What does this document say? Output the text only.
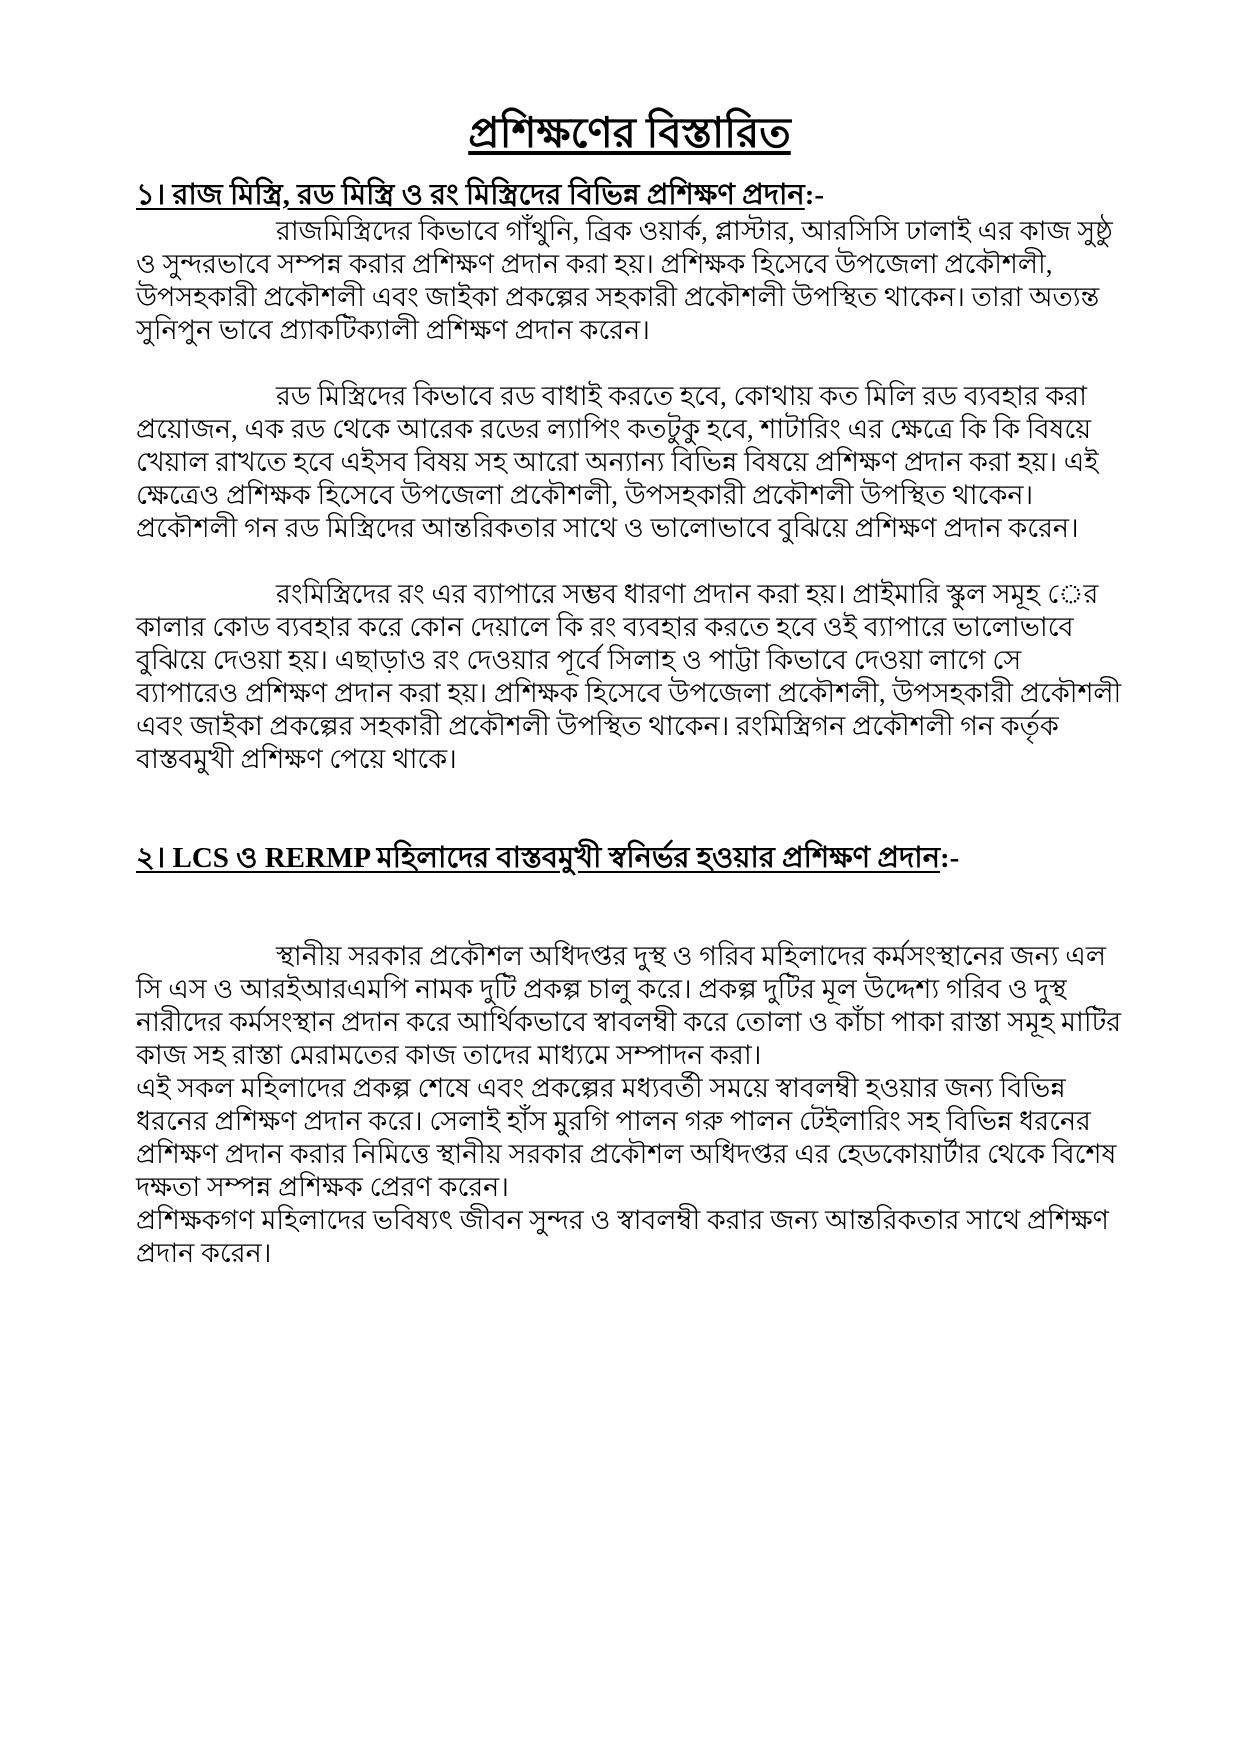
প্রশিক্ষণের বিস্তারিত
১। রাজ মিস্ত্রি, রড মিস্ত্রি ও রং মিস্ত্রিদের বিভিন্ন প্রশিক্ষণ প্রদান:-

রাজমিস্ত্রিদের কিভাবে গাঁথুনি, ব্রিক ওয়ার্ক, প্লাস্টার, আরসিসি ঢালাই এর কাজ সুষ্ঠু ও সুন্দরভাবে সম্পন্ন করার প্রশিক্ষণ প্রদান করা হয়। প্রশিক্ষক হিসেবে উপজেলা প্রকৌশলী, উপসহকারী প্রকৌশলী এবং জাইকা প্রকল্পের সহকারী প্রকৌশলী উপস্থিত থাকেন। তারা অত্যন্ত সুনিপুন ভাবে প্র্যাকটিক্যালী প্রশিক্ষণ প্রদান করেন।

রড মিস্ত্রিদের কিভাবে রড বাধাই করতে হবে, কোথায় কত মিলি রড ব্যবহার করা প্রয়োজন, এক রড থেকে আরেক রডের ল্যাপিং কতটুকু হবে, শাটারিং এর ক্ষেত্রে কি কি বিষয়ে খেয়াল রাখতে হবে এইসব বিষয় সহ আরো অন্যান্য বিভিন্ন বিষয়ে প্রশিক্ষণ প্রদান করা হয়। এই ক্ষেত্রেও প্রশিক্ষক হিসেবে উপজেলা প্রকৌশলী, উপসহকারী প্রকৌশলী উপস্থিত থাকেন। প্রকৌশলী গন রড মিস্ত্রিদের আন্তরিকতার সাথে ও ভালোভাবে বুঝিয়ে প্রশিক্ষণ প্রদান করেন।

রংমিস্ত্রিদের রং এর ব্যাপারে সম্ভব ধারণা প্রদান করা হয়। প্রাইমারি স্কুল সমূহ ের কালার কোড ব্যবহার করে কোন দেয়ালে কি রং ব্যবহার করতে হবে ওই ব্যাপারে ভালোভাবে বুঝিয়ে দেওয়া হয়। এছাড়াও রং দেওয়ার পূর্বে সিলাহ ও পাট্টা কিভাবে দেওয়া লাগে সে ব্যাপারেও প্রশিক্ষণ প্রদান করা হয়। প্রশিক্ষক হিসেবে উপজেলা প্রকৌশলী, উপসহকারী প্রকৌশলী এবং জাইকা প্রকল্পের সহকারী প্রকৌশলী উপস্থিত থাকেন। রংমিস্ত্রিগন প্রকৌশলী গন কর্তৃক বাস্তবমুখী প্রশিক্ষণ পেয়ে থাকে।

২। LCS ও RERMP মহিলাদের বাস্তবমুখী স্বনির্ভর হওয়ার প্রশিক্ষণ প্রদান:-

স্থানীয় সরকার প্রকৌশল অধিদপ্তর দুস্থ ও গরিব মহিলাদের কর্মসংস্থানের জন্য এল সি এস ও আরইআরএমপি নামক দুটি প্রকল্প চালু করে। প্রকল্প দুটির মূল উদ্দেশ্য গরিব ও দুস্থ নারীদের কর্মসংস্থান প্রদান করে আর্থিকভাবে স্বাবলম্বী করে তোলা ও কাঁচা পাকা রাস্তা সমূহ মাটির কাজ সহ রাস্তা মেরামতের কাজ তাদের মাধ্যমে সম্পাদন করা।

এই সকল মহিলাদের প্রকল্প শেষে এবং প্রকল্পের মধ্যবর্তী সময়ে স্বাবলম্বী হওয়ার জন্য বিভিন্ন ধরনের প্রশিক্ষণ প্রদান করে। সেলাই হাঁস মুরগি পালন গরু পালন টেইলারিং সহ বিভিন্ন ধরনের প্রশিক্ষণ প্রদান করার নিমিত্তে স্থানীয় সরকার প্রকৌশল অধিদপ্তর এর হেডকোয়ার্টার থেকে বিশেষ দক্ষতা সম্পন্ন প্রশিক্ষক প্রেরণ করেন।

প্রশিক্ষকগণ মহিলাদের ভবিষ্যৎ জীবন সুন্দর ও স্বাবলম্বী করার জন্য আন্তরিকতার সাথে প্রশিক্ষণ প্রদান করেন।
